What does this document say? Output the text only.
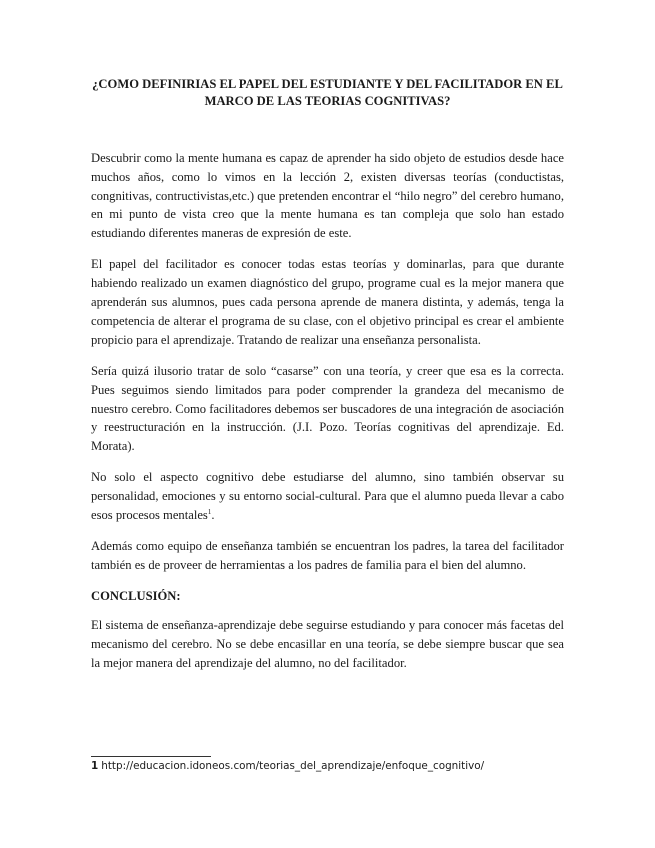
¿COMO DEFINIRIAS EL PAPEL DEL ESTUDIANTE Y DEL FACILITADOR EN EL MARCO DE LAS TEORIAS COGNITIVAS?

Descubrir como la mente humana es capaz de aprender ha sido objeto de estudios desde hace muchos años, como lo vimos en la lección 2, existen diversas teorías (conductistas, congnitivas, contructivistas,etc.) que pretenden encontrar el “hilo negro” del cerebro humano, en mi punto de vista creo que la mente humana es tan compleja que solo han estado estudiando diferentes maneras de expresión de este.

El papel del facilitador es conocer todas estas teorías y dominarlas, para que durante habiendo realizado un examen diagnóstico del grupo, programe cual es la mejor manera que aprenderán sus alumnos, pues cada persona aprende de manera distinta, y además, tenga la competencia de alterar el programa de su clase, con el objetivo principal es crear el ambiente propicio para el aprendizaje. Tratando de realizar una enseñanza personalista.

Sería quizá ilusorio tratar de solo “casarse” con una teoría, y creer que esa es la correcta. Pues seguimos siendo limitados para poder comprender la grandeza del mecanismo de nuestro cerebro. Como facilitadores debemos ser buscadores de una integración de asociación y reestructuración en la instrucción. (J.I. Pozo. Teorías cognitivas del aprendizaje. Ed. Morata).

No solo el aspecto cognitivo debe estudiarse del alumno, sino también observar su personalidad, emociones y su entorno social-cultural. Para que el alumno pueda llevar a cabo esos procesos mentales$^1$.

Además como equipo de enseñanza también se encuentran los padres, la tarea del facilitador también es de proveer de herramientas a los padres de familia para el bien del alumno.

CONCLUSIÓN:

El sistema de enseñanza-aprendizaje debe seguirse estudiando y para conocer más facetas del mecanismo del cerebro. No se debe encasillar en una teoría, se debe siempre buscar que sea la mejor manera del aprendizaje del alumno, no del facilitador.

1 http://educacion.idoneos.com/teorias_del_aprendizaje/enfoque_cognitivo/
